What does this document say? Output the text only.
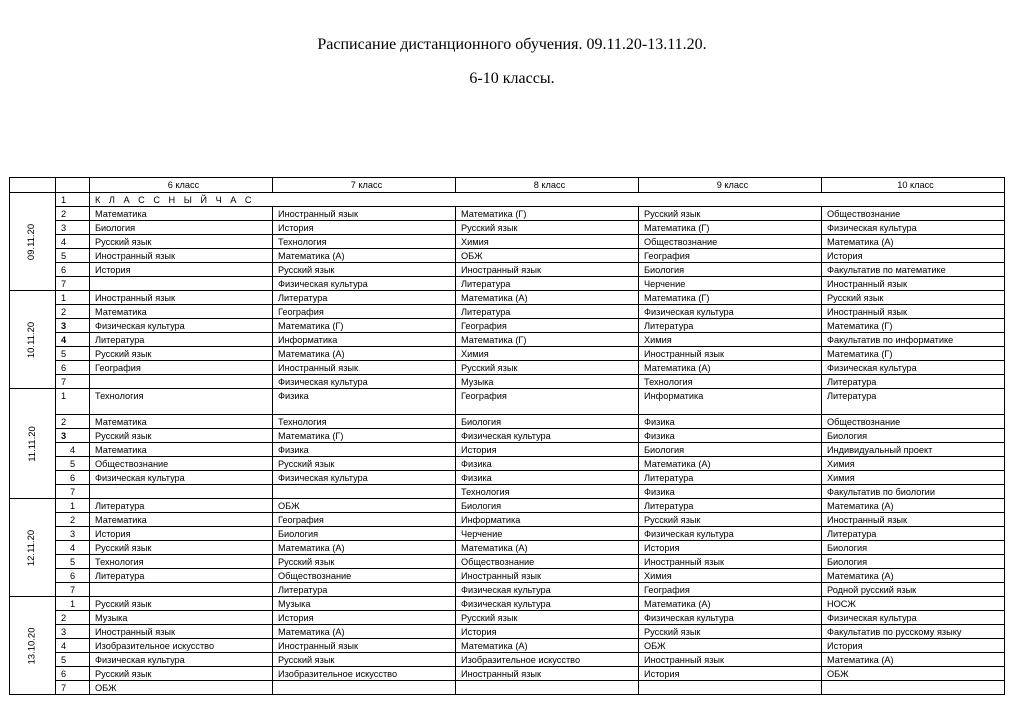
Расписание дистанционного обучения. 09.11.20-13.11.20.
6-10 классы.
		6 класс	7 класс	8 класс	9 класс	10 класс
09.11.20	1	К Л А С С Н Ы Й Ч А С				
	2	Математика	Иностранный язык	Математика (Г)	Русский язык	Обществознание
	3	Биология	История	Русский язык	Математика (Г)	Физическая культура
	4	Русский язык	Технология	Химия	Обществознание	Математика (А)
	5	Иностранный язык	Математика (А)	ОБЖ	География	История
	6	История	Русский язык	Иностранный язык	Биология	Факультатив по математике
	7		Физическая культура	Литература	Черчение	Иностранный язык
10.11.20	1	Иностранный язык	Литература	Математика (А)	Математика (Г)	Русский язык
	2	Математика	География	Литература	Физическая культура	Иностранный язык
	3	Физическая культура	Математика (Г)	География	Литература	Математика (Г)
	4	Литература	Информатика	Математика (Г)	Химия	Факультатив по информатике
	5	Русский язык	Математика (А)	Химия	Иностранный язык	Математика (Г)
	6	География	Иностранный язык	Русский язык	Математика (А)	Физическая культура
	7		Физическая культура	Музыка	Технология	Литература
11.11.20	1	Технология	Физика	География	Информатика	Литература
	2	Математика	Технология	Биология	Физика	Обществознание
	3	Русский язык	Математика (Г)	Физическая культура	Физика	Биология
	4	Математика	Физика	История	Биология	Индивидуальный проект
	5	Обществознание	Русский язык	Физика	Математика (А)	Химия
	6	Физическая культура	Физическая культура	Физика	Литература	Химия
	7			Технология	Физика	Факультатив по биологии
12.11.20	1	Литература	ОБЖ	Биология	Литература	Математика (А)
	2	Математика	География	Информатика	Русский язык	Иностранный язык
	3	История	Биология	Черчение	Физическая культура	Литература
	4	Русский язык	Математика (А)	Математика (А)	История	Биология
	5	Технология	Русский язык	Обществознание	Иностранный язык	Биология
	6	Литература	Обществознание	Иностранный язык	Химия	Математика (А)
	7		Литература	Физическая культура	География	Родной русский язык
13.10.20	1	Русский язык	Музыка	Физическая культура	Математика (А)	НОСЖ
	2	Музыка	История	Русский язык	Физическая культура	Физическая культура
	3	Иностранный язык	Математика (А)	История	Русский язык	Факультатив по русскому языку
	4	Изобразительное искусство	Иностранный язык	Математика (А)	ОБЖ	История
	5	Физическая культура	Русский язык	Изобразительное искусство	Иностранный язык	Математика (А)
	6	Русский язык	Изобразительное искусство	Иностранный язык	История	ОБЖ
	7	ОБЖ				
